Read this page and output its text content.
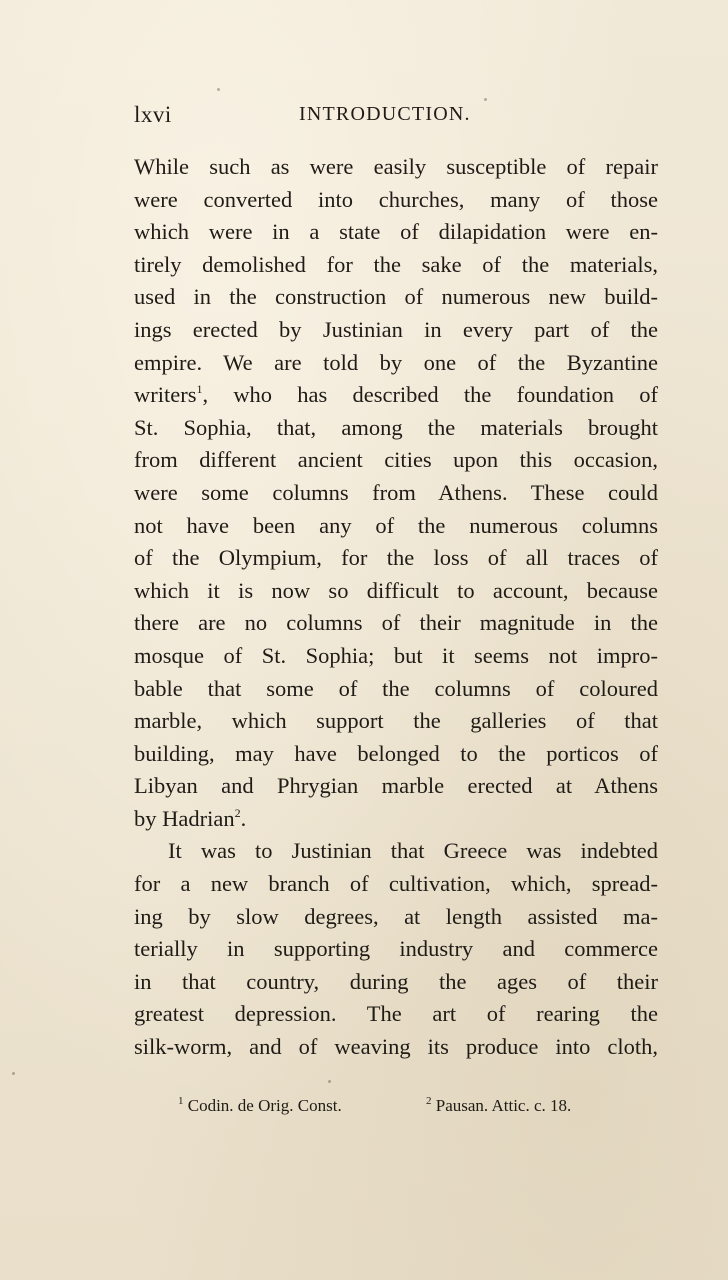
lxvi	INTRODUCTION.
While such as were easily susceptible of repair
were converted into churches, many of those
which were in a state of dilapidation were en-
tirely demolished for the sake of the materials,
used in the construction of numerous new build-
ings erected by Justinian in every part of the
empire. We are told by one of the Byzantine
writers$^1$, who has described the foundation of
St. Sophia, that, among the materials brought
from different ancient cities upon this occasion,
were some columns from Athens. These could
not have been any of the numerous columns
of the Olympium, for the loss of all traces of
which it is now so difficult to account, because
there are no columns of their magnitude in the
mosque of St. Sophia; but it seems not impro-
bable that some of the columns of coloured
marble, which support the galleries of that
building, may have belonged to the porticos of
Libyan and Phrygian marble erected at Athens
by Hadrian$^2$.
It was to Justinian that Greece was indebted
for a new branch of cultivation, which, spread-
ing by slow degrees, at length assisted ma-
terially in supporting industry and commerce
in that country, during the ages of their
greatest depression. The art of rearing the
silk-worm, and of weaving its produce into cloth,
$^1$ Codin. de Orig. Const.	$^2$ Pausan. Attic. c. 18.
